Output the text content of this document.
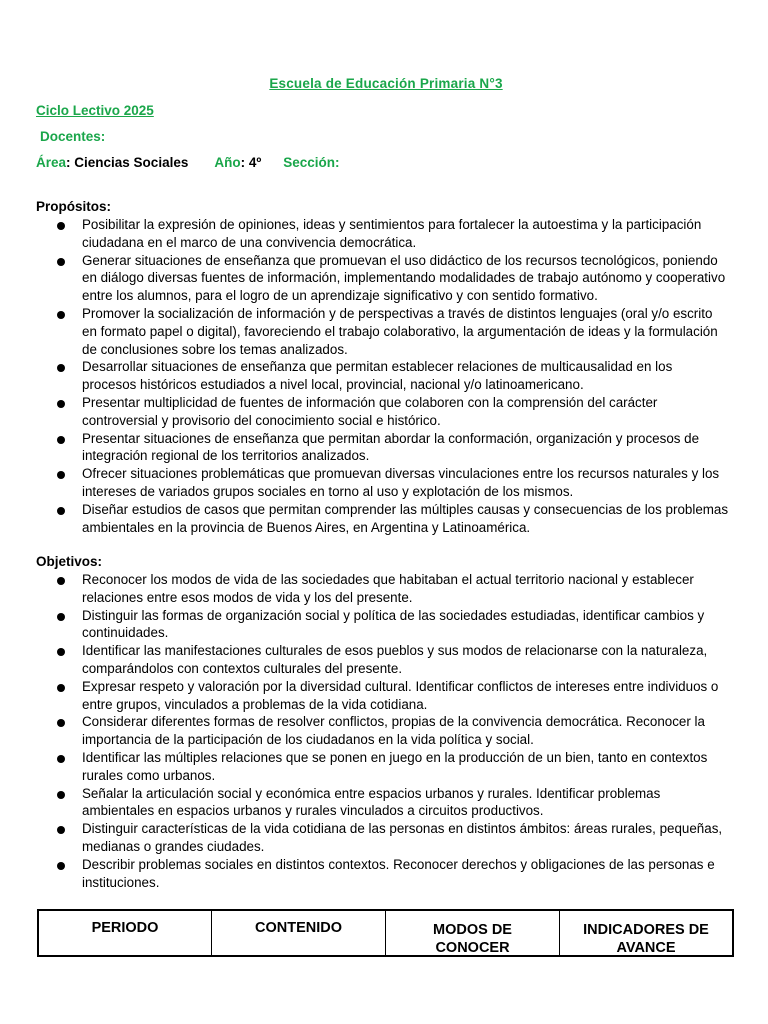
Escuela de Educación Primaria N°3
Ciclo Lectivo 2025
Docentes:
Área: Ciencias Sociales Año: 4º Sección:
Propósitos:
Posibilitar la expresión de opiniones, ideas y sentimientos para fortalecer la autoestima y la participación ciudadana en el marco de una convivencia democrática.
Generar situaciones de enseñanza que promuevan el uso didáctico de los recursos tecnológicos, poniendo en diálogo diversas fuentes de información, implementando modalidades de trabajo autónomo y cooperativo entre los alumnos, para el logro de un aprendizaje significativo y con sentido formativo.
Promover la socialización de información y de perspectivas a través de distintos lenguajes (oral y/o escrito en formato papel o digital), favoreciendo el trabajo colaborativo, la argumentación de ideas y la formulación de conclusiones sobre los temas analizados.
Desarrollar situaciones de enseñanza que permitan establecer relaciones de multicausalidad en los procesos históricos estudiados a nivel local, provincial, nacional y/o latinoamericano.
Presentar multiplicidad de fuentes de información que colaboren con la comprensión del carácter controversial y provisorio del conocimiento social e histórico.
Presentar situaciones de enseñanza que permitan abordar la conformación, organización y procesos de integración regional de los territorios analizados.
Ofrecer situaciones problemáticas que promuevan diversas vinculaciones entre los recursos naturales y los intereses de variados grupos sociales en torno al uso y explotación de los mismos.
Diseñar estudios de casos que permitan comprender las múltiples causas y consecuencias de los problemas ambientales en la provincia de Buenos Aires, en Argentina y Latinoamérica.
Objetivos:
Reconocer los modos de vida de las sociedades que habitaban el actual territorio nacional y establecer relaciones entre esos modos de vida y los del presente.
Distinguir las formas de organización social y política de las sociedades estudiadas, identificar cambios y continuidades.
Identificar las manifestaciones culturales de esos pueblos y sus modos de relacionarse con la naturaleza, comparándolos con contextos culturales del presente.
Expresar respeto y valoración por la diversidad cultural. Identificar conflictos de intereses entre individuos o entre grupos, vinculados a problemas de la vida cotidiana.
Considerar diferentes formas de resolver conflictos, propias de la convivencia democrática. Reconocer la importancia de la participación de los ciudadanos en la vida política y social.
Identificar las múltiples relaciones que se ponen en juego en la producción de un bien, tanto en contextos rurales como urbanos.
Señalar la articulación social y económica entre espacios urbanos y rurales. Identificar problemas ambientales en espacios urbanos y rurales vinculados a circuitos productivos.
Distinguir características de la vida cotidiana de las personas en distintos ámbitos: áreas rurales, pequeñas, medianas o grandes ciudades.
Describir problemas sociales en distintos contextos. Reconocer derechos y obligaciones de las personas e instituciones.
PERIODO	CONTENIDO	MODOS DE CONOCER
INDICADORES DE AVANCE
